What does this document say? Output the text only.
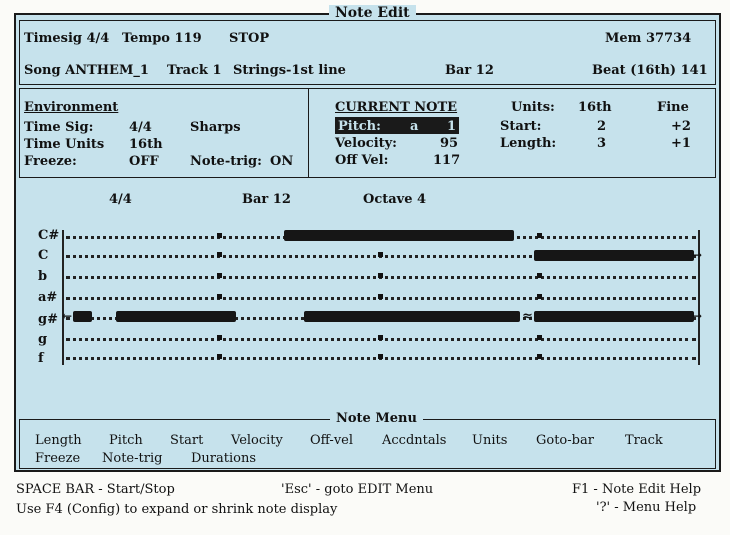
Note Edit
Timesig 4/4 Tempo 119 STOP	Mem 37734
Song ANTHEM_1 Track 1 Strings-1st line	Bar 12	Beat (16th) 141
Environment
Time Sig:	4/4	Sharps
Time Units 16th
Freeze:	OFF Note-trig: ON
CURRENT NOTE	Units: 16th	Fine
Pitch: a 1	Start:	2	+2
Velocity:	95	Length:	3	+1
Off Vel:	117
4/4	Bar 12	Octave 4
C#
C
b
a#
g#
g
f
≈
←
→
→
Note Menu
Length Pitch Start Velocity Off-vel Accdntals Units Goto-bar Track
Freeze Note-trig Durations
SPACE BAR - Start/Stop	'Esc' - goto EDIT Menu	F1 - Note Edit Help
Use F4 (Config) to expand or shrink note display	'?' - Menu Help
